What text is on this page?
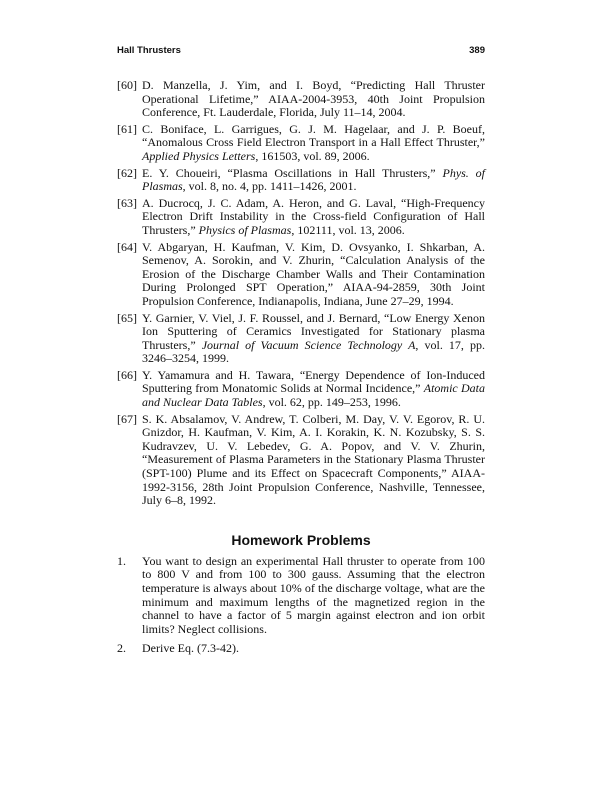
Hall Thrusters	389
[60] D. Manzella, J. Yim, and I. Boyd, “Predicting Hall Thruster Operational Lifetime,” AIAA-2004-3953, 40th Joint Propulsion Conference, Ft. Lauderdale, Florida, July 11–14, 2004.
[61] C. Boniface, L. Garrigues, G. J. M. Hagelaar, and J. P. Boeuf, “Anomalous Cross Field Electron Transport in a Hall Effect Thruster,” Applied Physics Letters, 161503, vol. 89, 2006.
[62] E. Y. Choueiri, “Plasma Oscillations in Hall Thrusters,” Phys. of Plasmas, vol. 8, no. 4, pp. 1411–1426, 2001.
[63] A. Ducrocq, J. C. Adam, A. Heron, and G. Laval, “High-Frequency Electron Drift Instability in the Cross-field Configuration of Hall Thrusters,” Physics of Plasmas, 102111, vol. 13, 2006.
[64] V. Abgaryan, H. Kaufman, V. Kim, D. Ovsyanko, I. Shkarban, A. Semenov, A. Sorokin, and V. Zhurin, “Calculation Analysis of the Erosion of the Discharge Chamber Walls and Their Contamination During Prolonged SPT Operation,” AIAA-94-2859, 30th Joint Propulsion Conference, Indianapolis, Indiana, June 27–29, 1994.
[65] Y. Garnier, V. Viel, J. F. Roussel, and J. Bernard, “Low Energy Xenon Ion Sputtering of Ceramics Investigated for Stationary plasma Thrusters,” Journal of Vacuum Science Technology A, vol. 17, pp. 3246–3254, 1999.
[66] Y. Yamamura and H. Tawara, “Energy Dependence of Ion-Induced Sputtering from Monatomic Solids at Normal Incidence,” Atomic Data and Nuclear Data Tables, vol. 62, pp. 149–253, 1996.
[67] S. K. Absalamov, V. Andrew, T. Colberi, M. Day, V. V. Egorov, R. U. Gnizdor, H. Kaufman, V. Kim, A. I. Korakin, K. N. Kozubsky, S. S. Kudravzev, U. V. Lebedev, G. A. Popov, and V. V. Zhurin, “Measurement of Plasma Parameters in the Stationary Plasma Thruster (SPT-100) Plume and its Effect on Spacecraft Components,” AIAA-1992-3156, 28th Joint Propulsion Conference, Nashville, Tennessee, July 6–8, 1992.
Homework Problems
1. You want to design an experimental Hall thruster to operate from 100 to 800 V and from 100 to 300 gauss. Assuming that the electron temperature is always about 10% of the discharge voltage, what are the minimum and maximum lengths of the magnetized region in the channel to have a factor of 5 margin against electron and ion orbit limits? Neglect collisions.
2. Derive Eq. (7.3-42).
